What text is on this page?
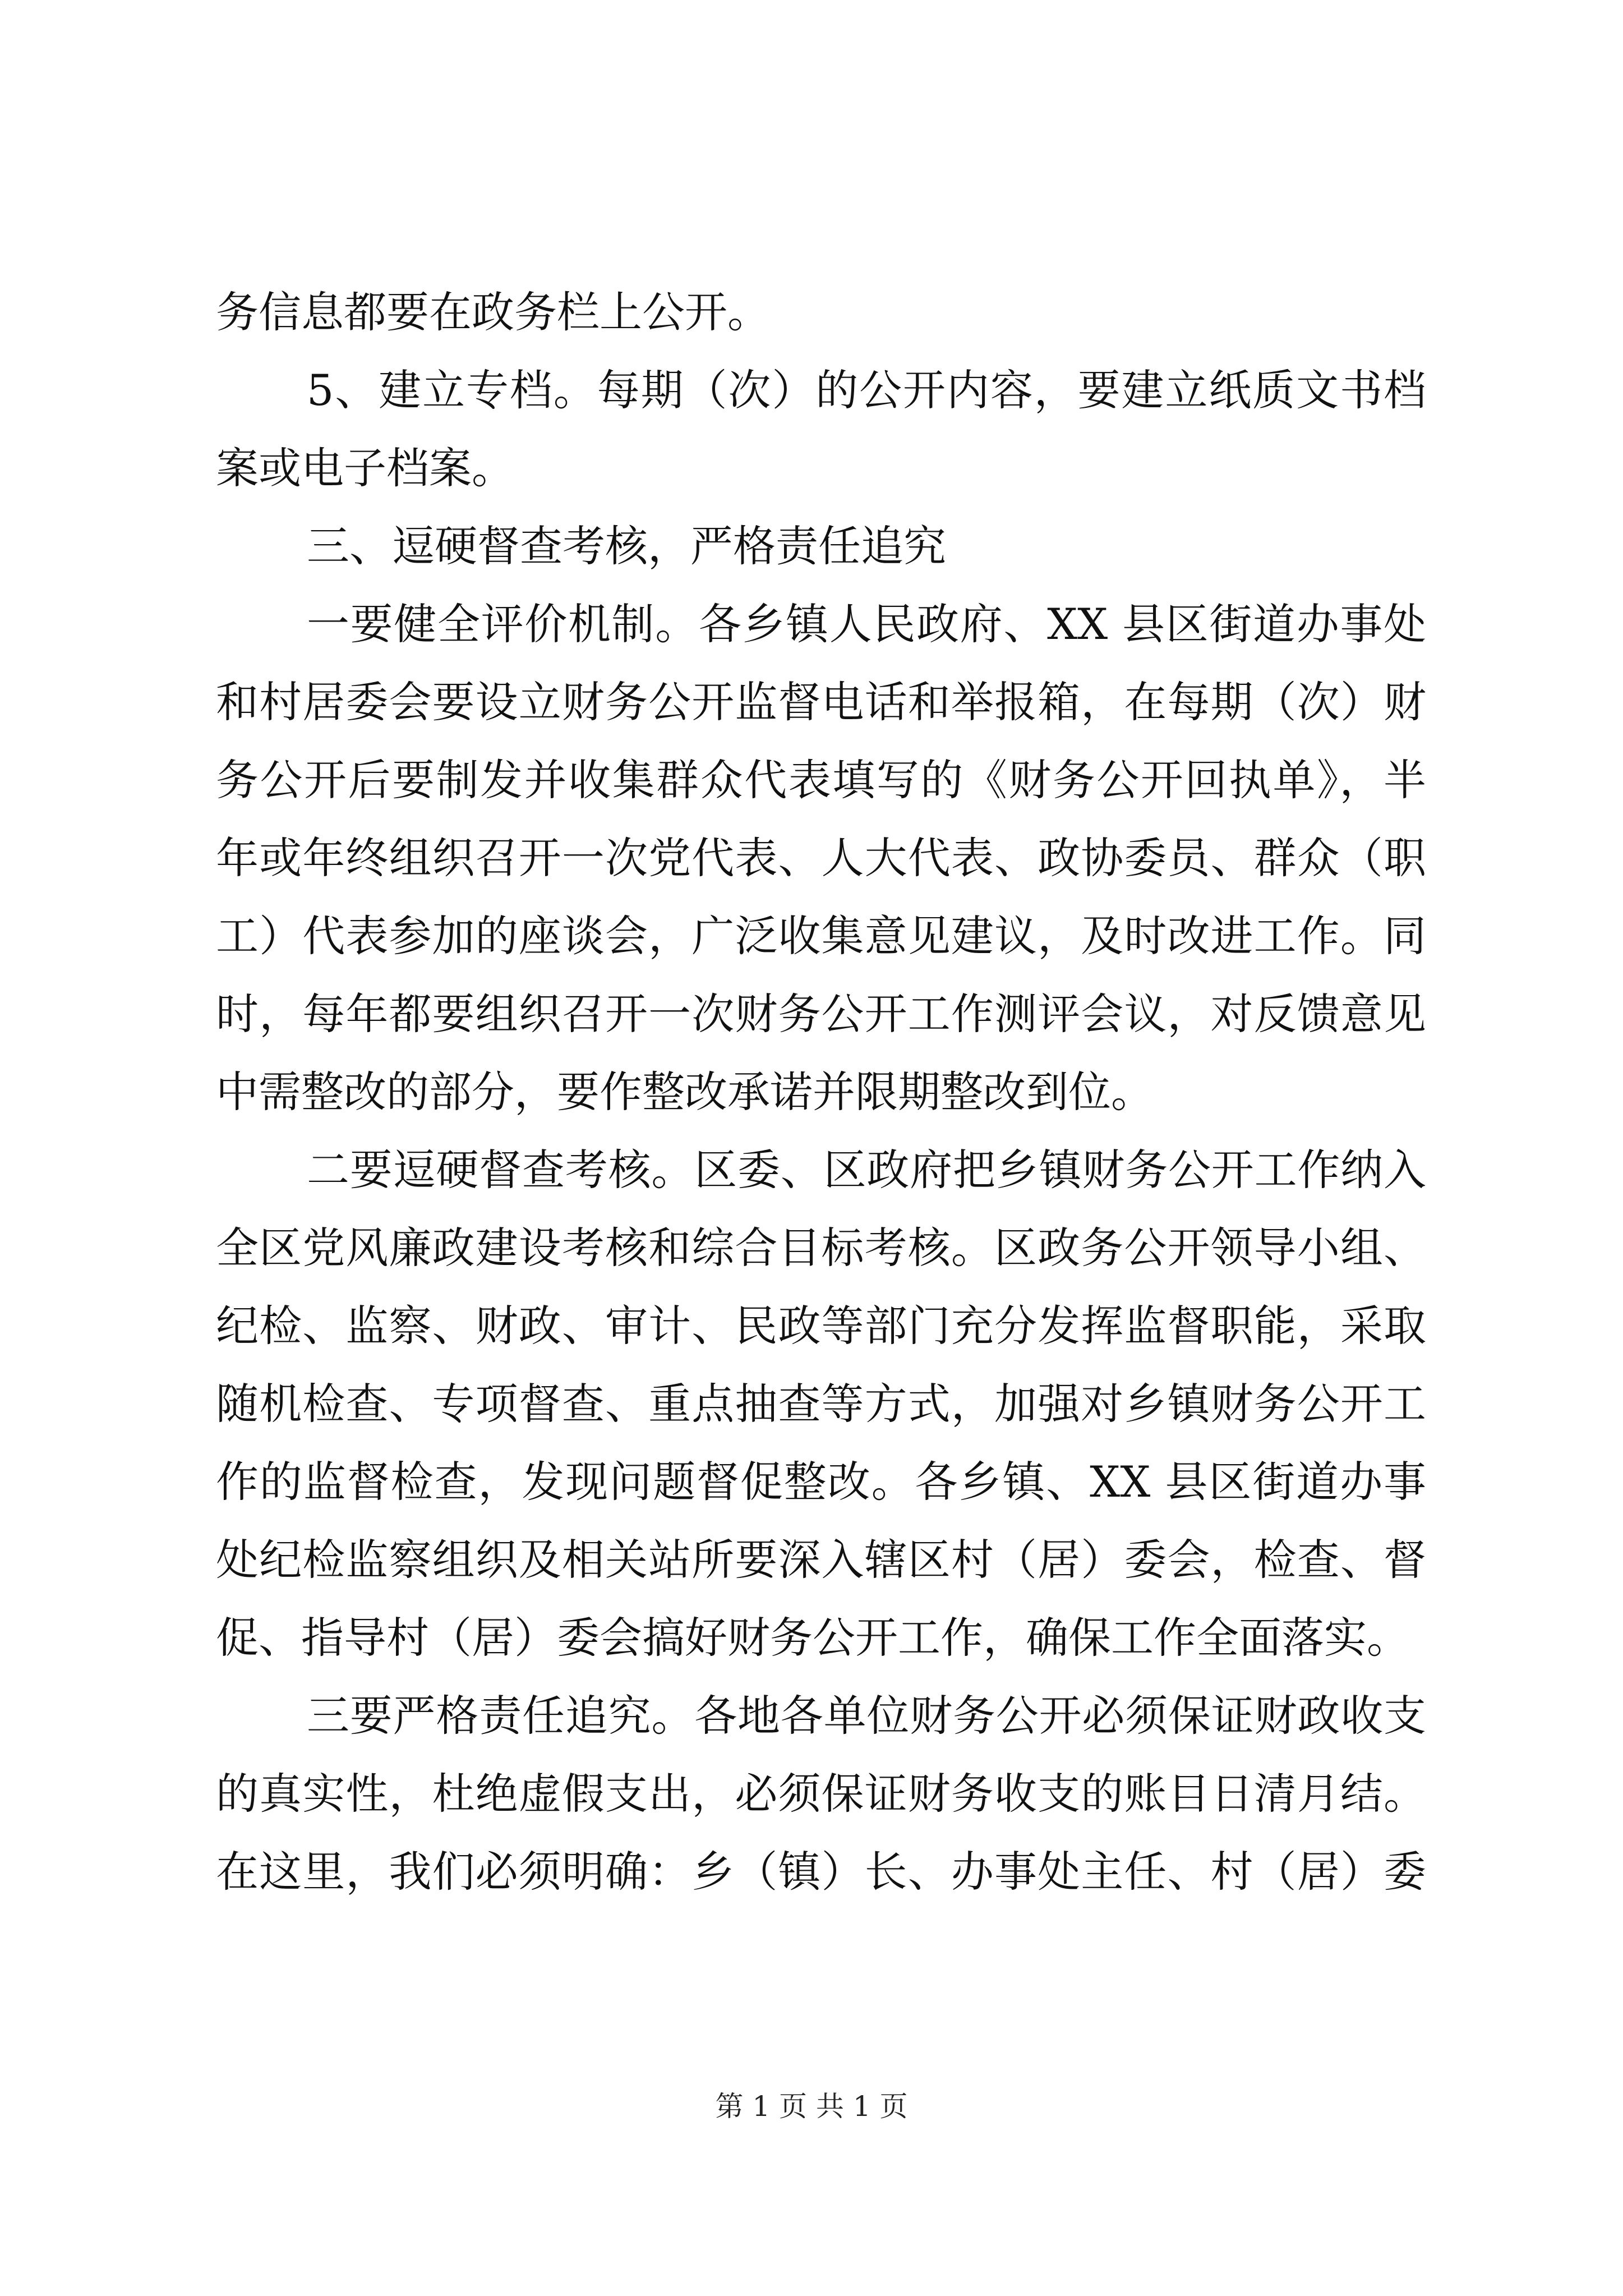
务信息都要在政务栏上公开。
5、建立专档。每期（次）的公开内容，要建立纸质文书档
案或电子档案。
三、逗硬督查考核，严格责任追究
一要健全评价机制。各乡镇人民政府、XX 县区街道办事处
和村居委会要设立财务公开监督电话和举报箱，在每期（次）财
务公开后要制发并收集群众代表填写的《财务公开回执单》，半
年或年终组织召开一次党代表、人大代表、政协委员、群众（职
工）代表参加的座谈会，广泛收集意见建议，及时改进工作。同
时，每年都要组织召开一次财务公开工作测评会议，对反馈意见
中需整改的部分，要作整改承诺并限期整改到位。
二要逗硬督查考核。区委、区政府把乡镇财务公开工作纳入
全区党风廉政建设考核和综合目标考核。区政务公开领导小组、
纪检、监察、财政、审计、民政等部门充分发挥监督职能，采取
随机检查、专项督查、重点抽查等方式，加强对乡镇财务公开工
作的监督检查，发现问题督促整改。各乡镇、XX 县区街道办事
处纪检监察组织及相关站所要深入辖区村（居）委会，检查、督
促、指导村（居）委会搞好财务公开工作，确保工作全面落实。
三要严格责任追究。各地各单位财务公开必须保证财政收支
的真实性，杜绝虚假支出，必须保证财务收支的账目日清月结。
在这里，我们必须明确：乡（镇）长、办事处主任、村（居）委
第 1 页 共 1 页
